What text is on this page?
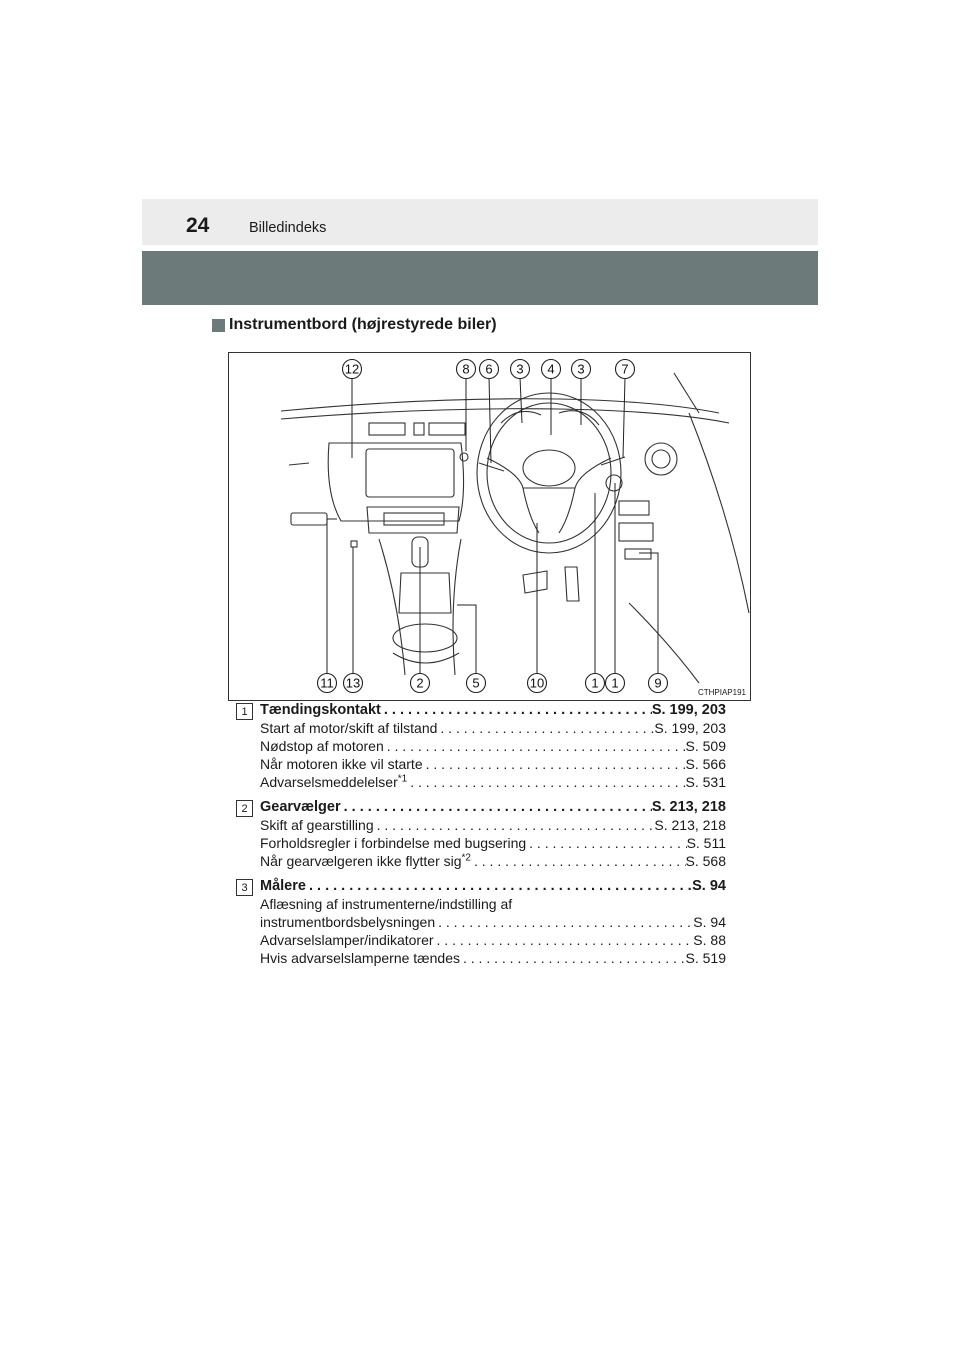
24	Billedindeks
Instrumentbord (højrestyrede biler)
12	8 6 3 4 3	7
11 13	2	5	10	1 1	9
CTHPIAP191
1 Tændingskontakt . . .	S. 199, 203
Start af motor/skift af tilstand . . .	S. 199, 203
Nødstop af motoren . . .	S. 509
Når motoren ikke vil starte . . .	S. 566
Advarselsmeddelelser$^{*1}$ . . .	S. 531
2 Gearvælger . . .	S. 213, 218
Skift af gearstilling . . .	S. 213, 218
Forholdsregler i forbindelse med bugsering . . .	S. 511
Når gearvælgeren ikke flytter sig$^{*2}$ . . .	S. 568
3 Målere . . .	S. 94
Aflæsning af instrumenterne/indstilling af
instrumentbordsbelysningen . . .	S. 94
Advarselslamper/indikatorer . . .	S. 88
Hvis advarselslamperne tændes . . .	S. 519
